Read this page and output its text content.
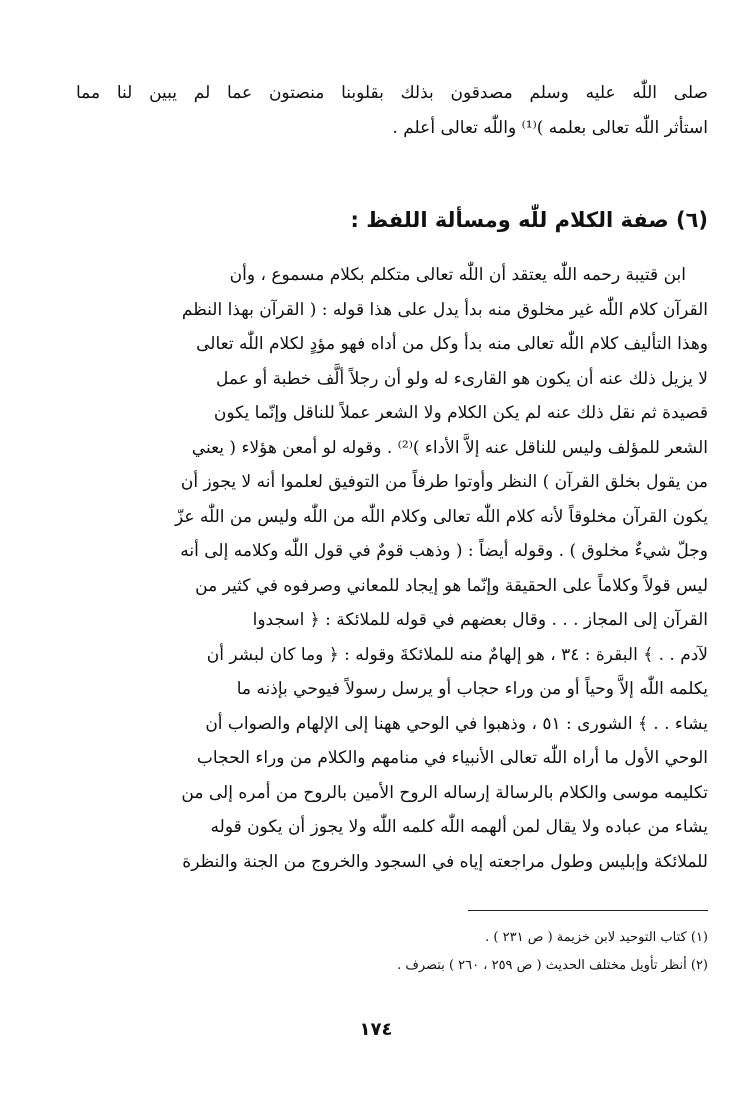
صلى اللّٰه عليه وسلم مصدقون بذلك بقلوبنا منصتون عما لم يبين لنا مما
استأثر اللّٰه تعالى بعلمه )⁽¹⁾ واللّٰه تعالى أعلم .
(٦) صفة الكلام للّٰه ومسألة اللفظ :
ابن قتيبة رحمه اللّٰه يعتقد أن اللّٰه تعالى متكلم بكلام مسموع ، وأن
القرآن كلام اللّٰه غير مخلوق منه بدأ يدل على هذا قوله : ( القرآن بهذا النظم
وهذا التأليف كلام اللّٰه تعالى منه بدأ وكل من أداه فهو مؤدٍ لكلام اللّٰه تعالى
لا يزيل ذلك عنه أن يكون هو القارىء له ولو أن رجلاً ألَّف خطبة أو عمل
قصيدة ثم نقل ذلك عنه لم يكن الكلام ولا الشعر عملاً للناقل وإنّما يكون
الشعر للمؤلف وليس للناقل عنه إلاَّ الأداء )⁽²⁾ . وقوله لو أمعن هؤلاء ( يعني
من يقول بخلق القرآن ) النظر وأوتوا طرفاً من التوفيق لعلموا أنه لا يجوز أن
يكون القرآن مخلوقاً لأنه كلام اللّٰه تعالى وكلام اللّٰه من اللّٰه وليس من اللّٰه عزّ
وجلّ شيءٌ مخلوق ) . وقوله أيضاً : ( وذهب قومٌ في قول اللّٰه وكلامه إلى أنه
ليس قولاً وكلاماً على الحقيقة وإنّما هو إيجاد للمعاني وصرفوه في كثير من
القرآن إلى المجاز . . . وقال بعضهم في قوله للملائكة : ﴿ اسجدوا
لآدم . . ﴾ البقرة : ٣٤ ، هو إلهامٌ منه للملائكةَ وقوله : ﴿ وما كان لبشر أن
يكلمه اللّٰه إلاَّ وحياً أو من وراء حجاب أو يرسل رسولاً فيوحي بإذنه ما
يشاء . . ﴾ الشورى : ٥١ ، وذهبوا في الوحي ههنا إلى الإلهام والصواب أن
الوحي الأول ما أراه اللّٰه تعالى الأنبياء في منامهم والكلام من وراء الحجاب
تكليمه موسى والكلام بالرسالة إرساله الروح الأمين بالروح من أمره إلى من
يشاء من عباده ولا يقال لمن ألهمه اللّٰه كلمه اللّٰه ولا يجوز أن يكون قوله
للملائكة وإبليس وطول مراجعته إياه في السجود والخروج من الجنة والنظرة
(١) كتاب التوحيد لابن خزيمة ( ص ٢٣١ ) .
(٢) أنظر تأويل مختلف الحديث ( ص ٢٥٩ ، ٢٦٠ ) بتصرف .
١٧٤
